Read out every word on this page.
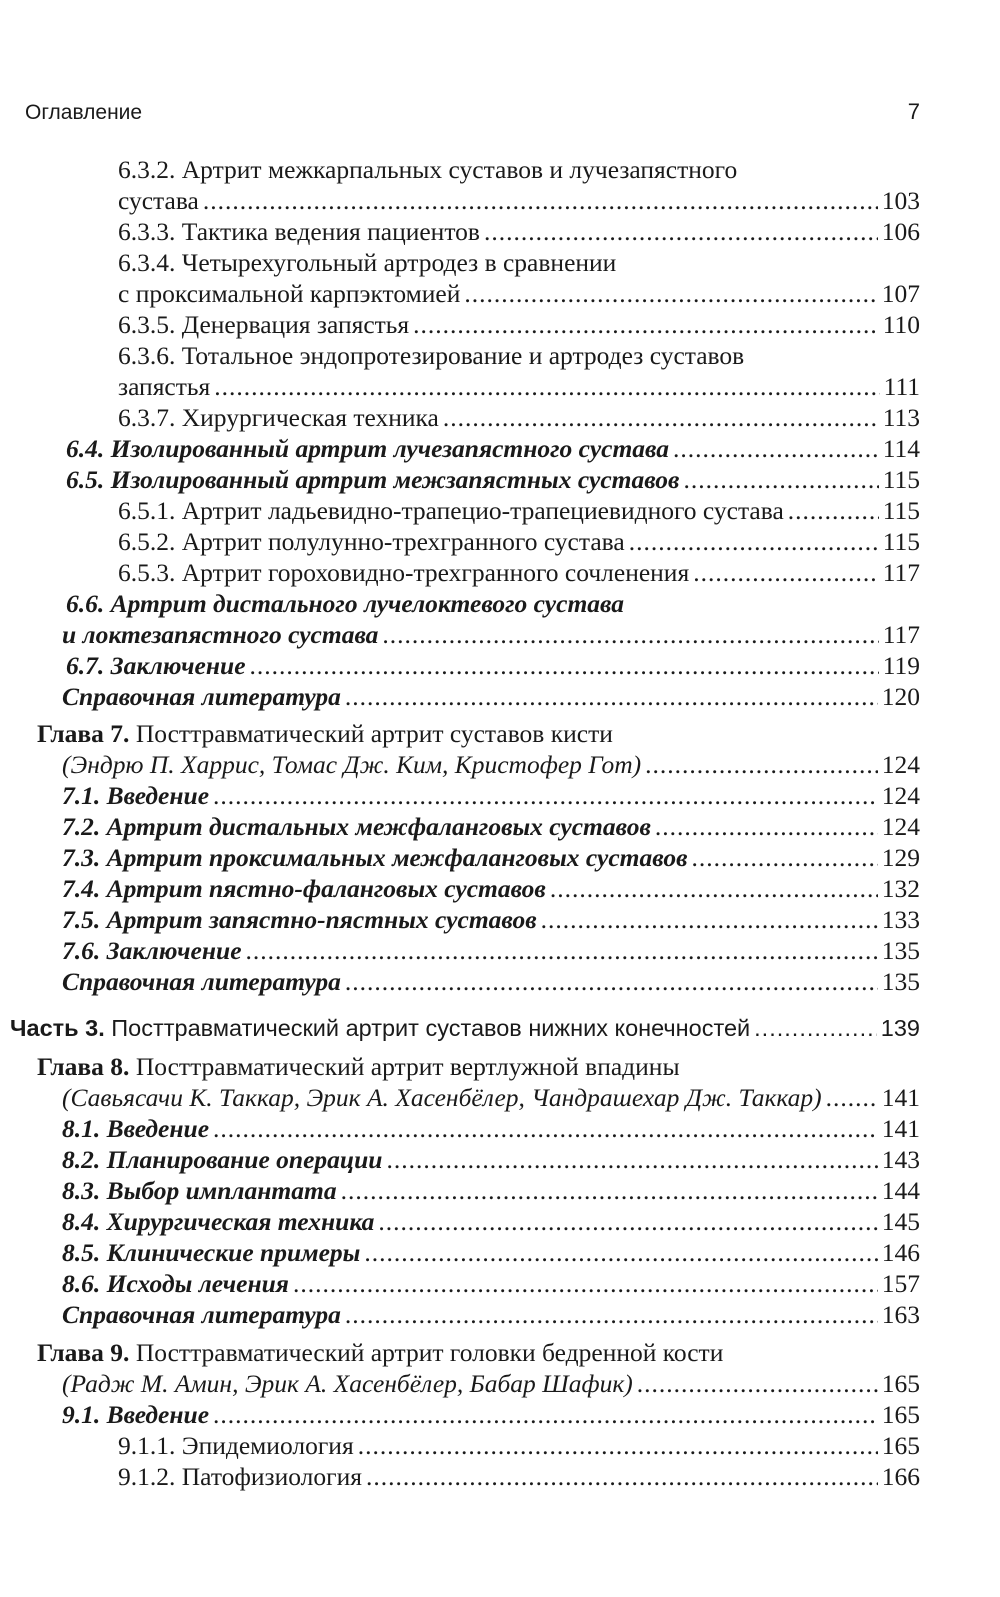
Оглавление	7
6.3.2. Артрит межкарпальных суставов и лучезапястного
сустава .....	103
6.3.3. Тактика ведения пациентов .....	106
6.3.4. Четырехугольный артродез в сравнении
с проксимальной карпэктомией .....	107
6.3.5. Денервация запястья .....	110
6.3.6. Тотальное эндопротезирование и артродез суставов
запястья .....	111
6.3.7. Хирургическая техника .....	113
6.4. Изолированный артрит лучезапястного сустава .....	114
6.5. Изолированный артрит межзапястных суставов .....	115
6.5.1. Артрит ладьевидно-трапецио-трапециевидного сустава .....	115
6.5.2. Артрит полулунно-трехгранного сустава .....	115
6.5.3. Артрит гороховидно-трехгранного сочленения .....	117
6.6. Артрит дистального лучелоктевого сустава
и локтезапястного сустава .....	117
6.7. Заключение .....	119
Справочная литература .....	120
Глава 7. Посттравматический артрит суставов кисти
(Эндрю П. Харрис, Томас Дж. Ким, Кристофер Гот) .....	124
7.1. Введение .....	124
7.2. Артрит дистальных межфаланговых суставов .....	124
7.3. Артрит проксимальных межфаланговых суставов .....	129
7.4. Артрит пястно-фаланговых суставов .....	132
7.5. Артрит запястно-пястных суставов .....	133
7.6. Заключение .....	135
Справочная литература .....	135
Часть 3. Посттравматический артрит суставов нижних конечностей .....	139
Глава 8. Посттравматический артрит вертлужной впадины
(Савьясачи К. Таккар, Эрик А. Хасенбёлер, Чандрашехар Дж. Таккар) ..... 141
8.1. Введение .....	141
8.2. Планирование операции .....	143
8.3. Выбор имплантата .....	144
8.4. Хирургическая техника .....	145
8.5. Клинические примеры .....	146
8.6. Исходы лечения .....	157
Справочная литература .....	163
Глава 9. Посттравматический артрит головки бедренной кости
(Радж М. Амин, Эрик А. Хасенбёлер, Бабар Шафик) .....	165
9.1. Введение .....	165
9.1.1. Эпидемиология .....	165
9.1.2. Патофизиология .....	166
